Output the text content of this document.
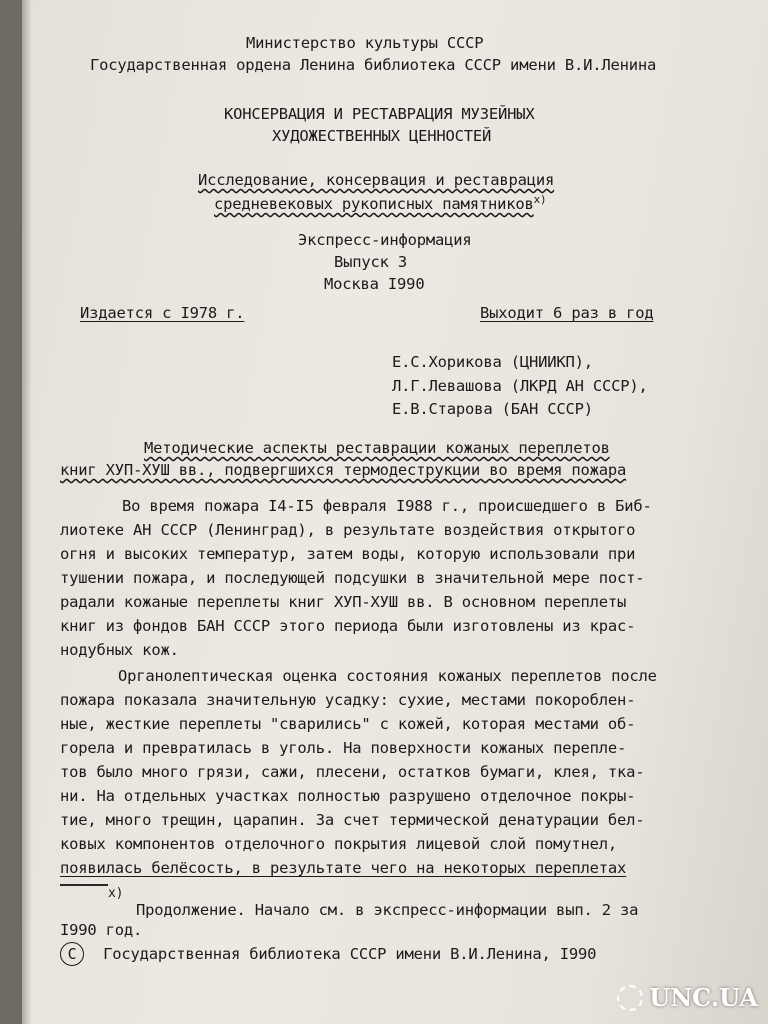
Министерство культуры СССР
Государственная ордена Ленина библиотека СССР имени В.И.Ленина
КОНСЕРВАЦИЯ И РЕСТАВРАЦИЯ МУЗЕЙНЫХ
ХУДОЖЕСТВЕННЫХ ЦЕННОСТЕЙ
Исследование, консервация и реставрация
средневековых рукописных памятников$^{x)}$
Экспресс-информация
Выпуск 3
Москва I990
Издается с I978 г.	Выходит 6 раз в год
Е.С.Хорикова (ЦНИИКП),
Л.Г.Левашова (ЛКРД АН СССР),
Е.В.Старова (БАН СССР)
Методические аспекты реставрации кожаных переплетов
книг ХУП-ХУШ вв., подвергшихся термодеструкции во время пожара
Во время пожара I4-I5 февраля I988 г., происшедшего в Биб-
лиотеке АН СССР (Ленинград), в результате воздействия открытого
огня и высоких температур, затем воды, которую использовали при
тушении пожара, и последующей подсушки в значительной мере пост-
радали кожаные переплеты книг ХУП-ХУШ вв. В основном переплеты
книг из фондов БАН СССР этого периода были изготовлены из крас-
нодубных кож.
Органолептическая оценка состояния кожаных переплетов после
пожара показала значительную усадку: сухие, местами покороблен-
ные, жесткие переплеты "сварились" с кожей, которая местами об-
горела и превратилась в уголь. На поверхности кожаных перепле-
тов было много грязи, сажи, плесени, остатков бумаги, клея, тка-
ни. На отдельных участках полностью разрушено отделочное покры-
тие, много трещин, царапин. За счет термической денатурации бел-
ковых компонентов отделочного покрытия лицевой слой помутнел,
появилась белёсость, в результате чего на некоторых переплетах
x)
Продолжение. Начало см. в экспресс-информации вып. 2 за
I990 год.
C Государственная библиотека СССР имени В.И.Ленина, I990
UNC.UA
